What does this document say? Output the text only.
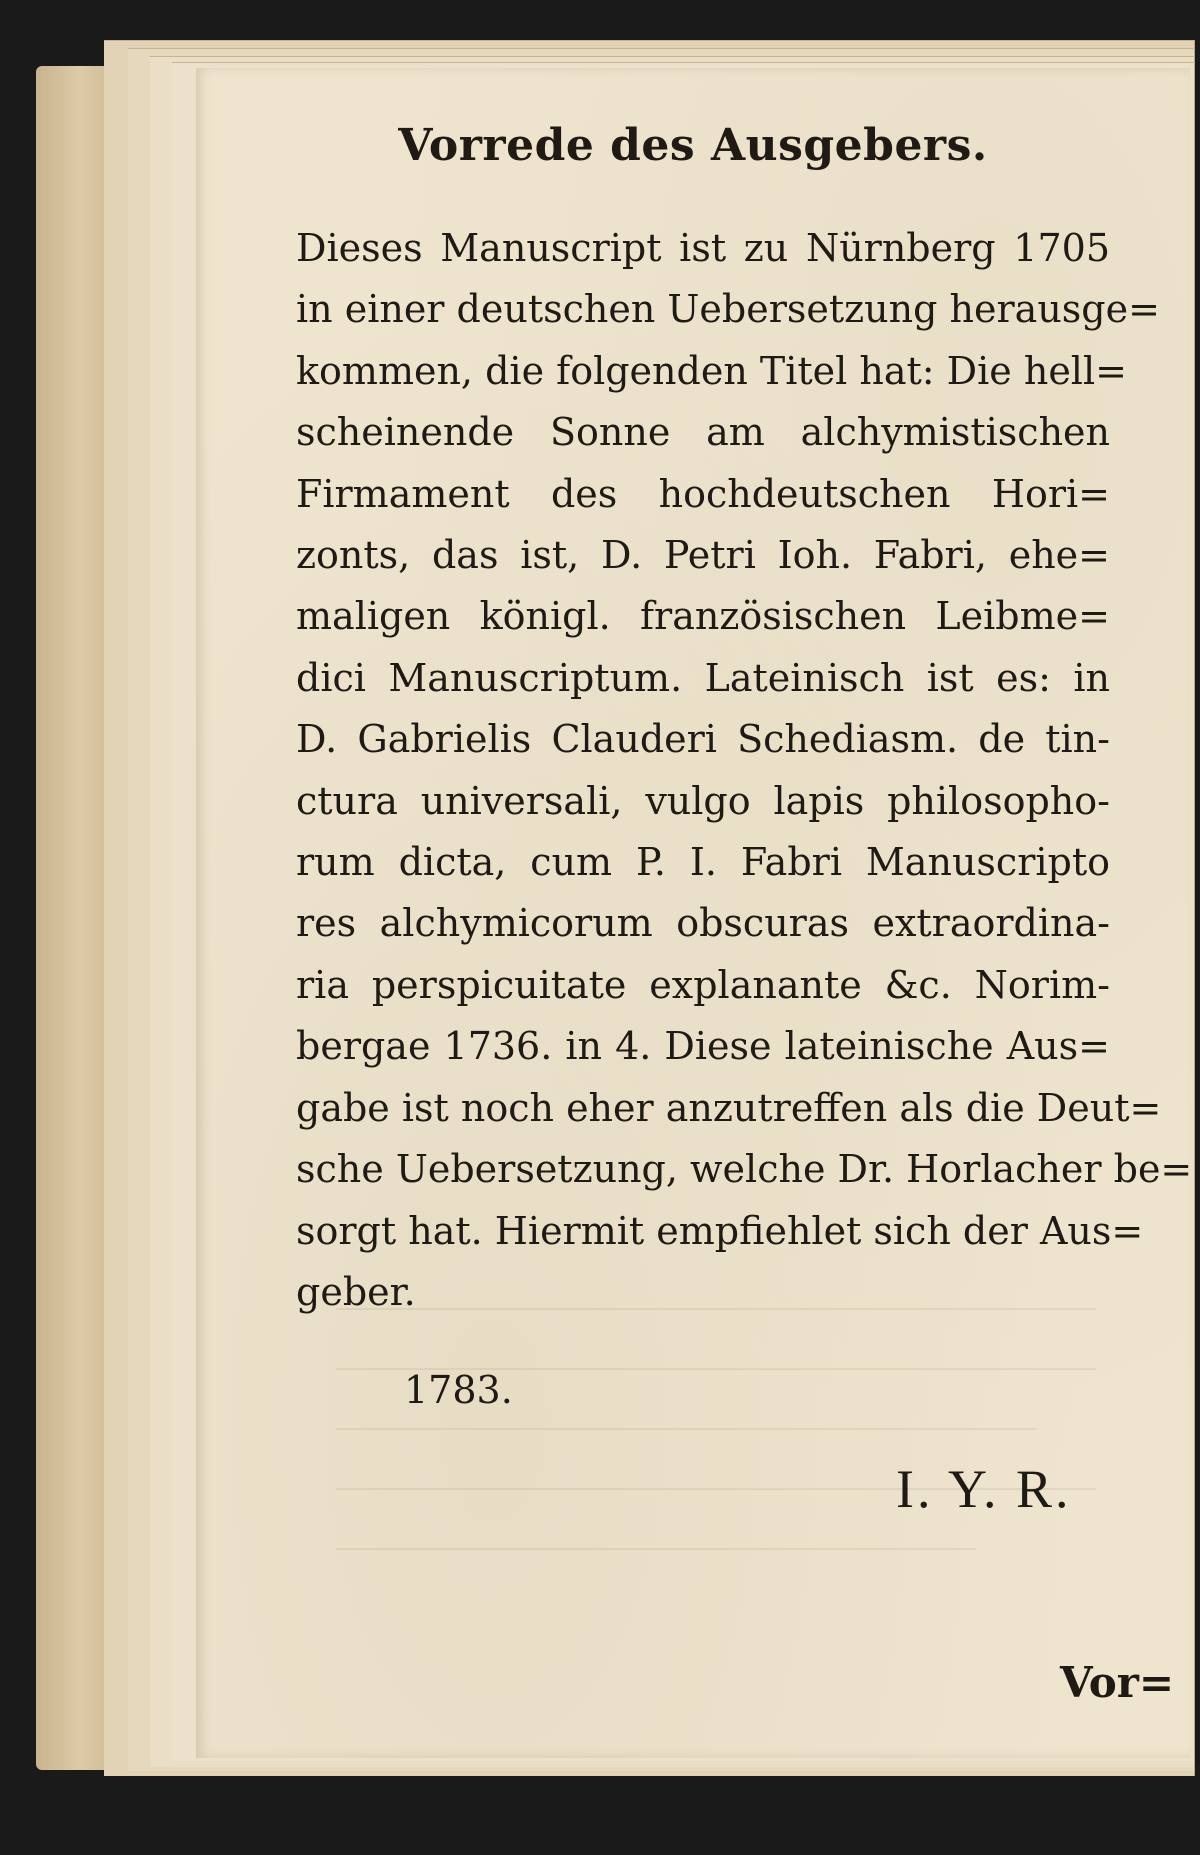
Vorrede des Ausgebers.
Dieses Manuscript ist zu Nürnberg 1705
in einer deutschen Uebersetzung herausge=
kommen, die folgenden Titel hat: Die hell=
scheinende Sonne am alchymistischen
Firmament des hochdeutschen Hori=
zonts, das ist, D. Petri Ioh. Fabri, ehe=
maligen königl. französischen Leibme=
dici Manuscriptum. Lateinisch ist es: in
D. Gabrielis Clauderi Schediasm. de tin-
ctura universali, vulgo lapis philosopho-
rum dicta, cum P. I. Fabri Manuscripto
res alchymicorum obscuras extraordina-
ria perspicuitate explanante &c. Norim-
bergae 1736. in 4. Diese lateinische Aus=
gabe ist noch eher anzutreffen als die Deut=
sche Uebersetzung, welche Dr. Horlacher be=
sorgt hat. Hiermit empfiehlet sich der Aus=
geber.
1783.
I. Y. R.
Vor=
